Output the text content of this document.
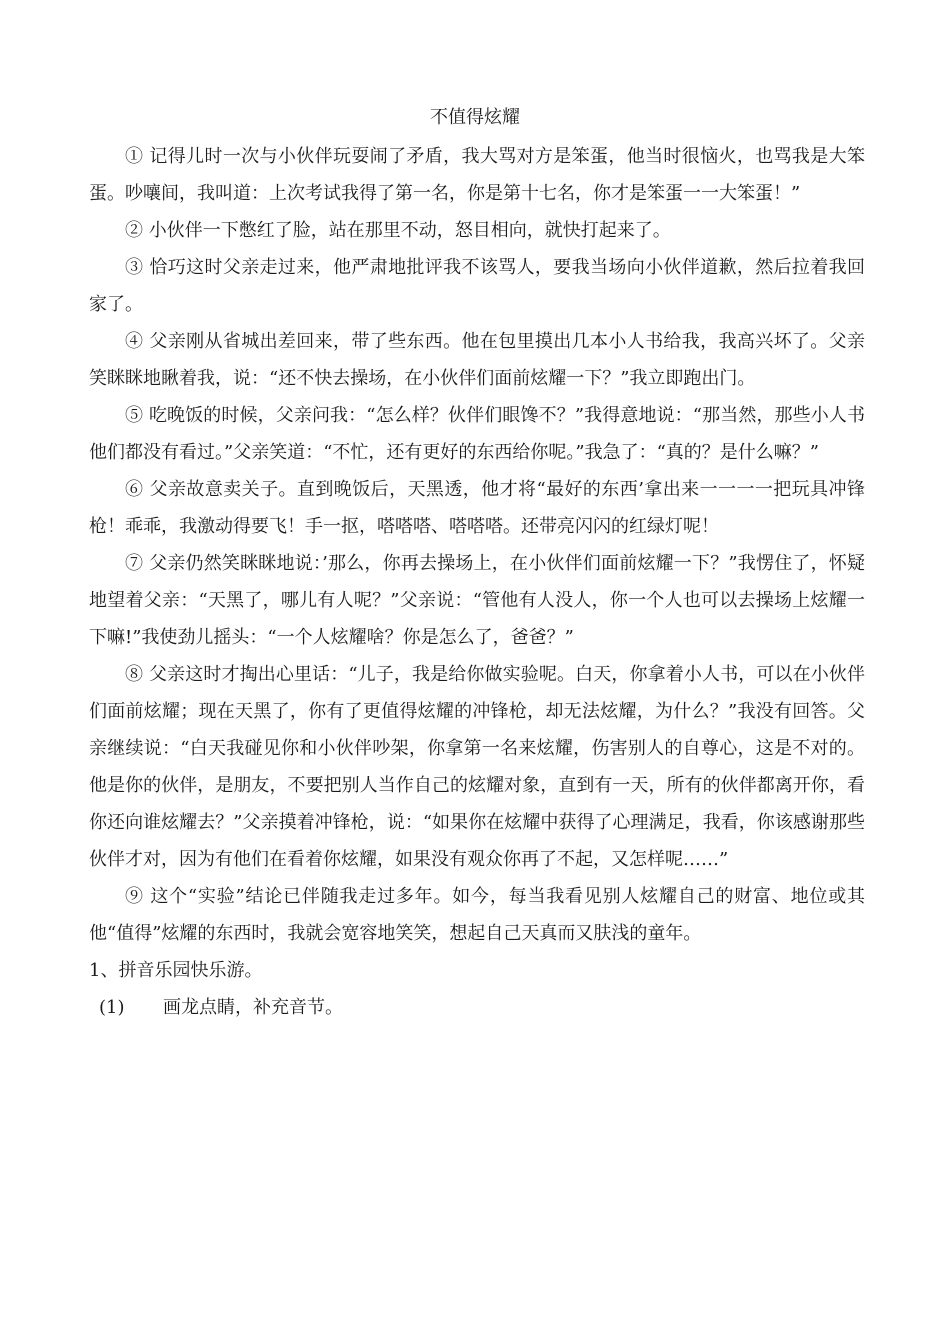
不值得炫耀

① 记得儿时一次与小伙伴玩耍闹了矛盾，我大骂对方是笨蛋，他当时很恼火，也骂我是大笨蛋。吵嚷间，我叫道：上次考试我得了第一名，你是第十七名，你才是笨蛋一一大笨蛋！”

② 小伙伴一下憋红了脸，站在那里不动，怒目相向，就快打起来了。

③ 恰巧这时父亲走过来，他严肃地批评我不该骂人，要我当场向小伙伴道歉，然后拉着我回家了。

④ 父亲刚从省城出差回来，带了些东西。他在包里摸出几本小人书给我，我高兴坏了。父亲笑眯眯地瞅着我，说：“还不快去操场，在小伙伴们面前炫耀一下？”我立即跑出门。

⑤ 吃晚饭的时候，父亲问我：“怎么样？伙伴们眼馋不？”我得意地说：“那当然，那些小人书他们都没有看过。”父亲笑道：“不忙，还有更好的东西给你呢。”我急了：“真的？是什么嘛？”

⑥ 父亲故意卖关子。直到晚饭后，天黑透，他才将“最好的东西’拿出来一一一一把玩具冲锋枪！乖乖，我激动得要飞！手一抠，嗒嗒嗒、嗒嗒嗒。还带亮闪闪的红绿灯呢！

⑦ 父亲仍然笑眯眯地说：’那么，你再去操场上，在小伙伴们面前炫耀一下？”我愣住了，怀疑地望着父亲：“天黑了，哪儿有人呢？”父亲说：“管他有人没人，你一个人也可以去操场上炫耀一下嘛!”我使劲儿摇头：“一个人炫耀啥？你是怎么了，爸爸？”

⑧ 父亲这时才掏出心里话：“儿子，我是给你做实验呢。白天，你拿着小人书，可以在小伙伴们面前炫耀；现在天黑了，你有了更值得炫耀的冲锋枪，却无法炫耀，为什么？”我没有回答。父亲继续说：“白天我碰见你和小伙伴吵架，你拿第一名来炫耀，伤害别人的自尊心，这是不对的。他是你的伙伴，是朋友，不要把别人当作自己的炫耀对象，直到有一天，所有的伙伴都离开你，看你还向谁炫耀去？”父亲摸着冲锋枪，说：“如果你在炫耀中获得了心理满足，我看，你该感谢那些伙伴才对，因为有他们在看着你炫耀，如果没有观众你再了不起，又怎样呢……”

⑨ 这个“实验”结论已伴随我走过多年。如今，每当我看见别人炫耀自己的财富、地位或其他“值得”炫耀的东西时，我就会宽容地笑笑，想起自己天真而又肤浅的童年。

1、拼音乐园快乐游。

(1)	画龙点睛，补充音节。
